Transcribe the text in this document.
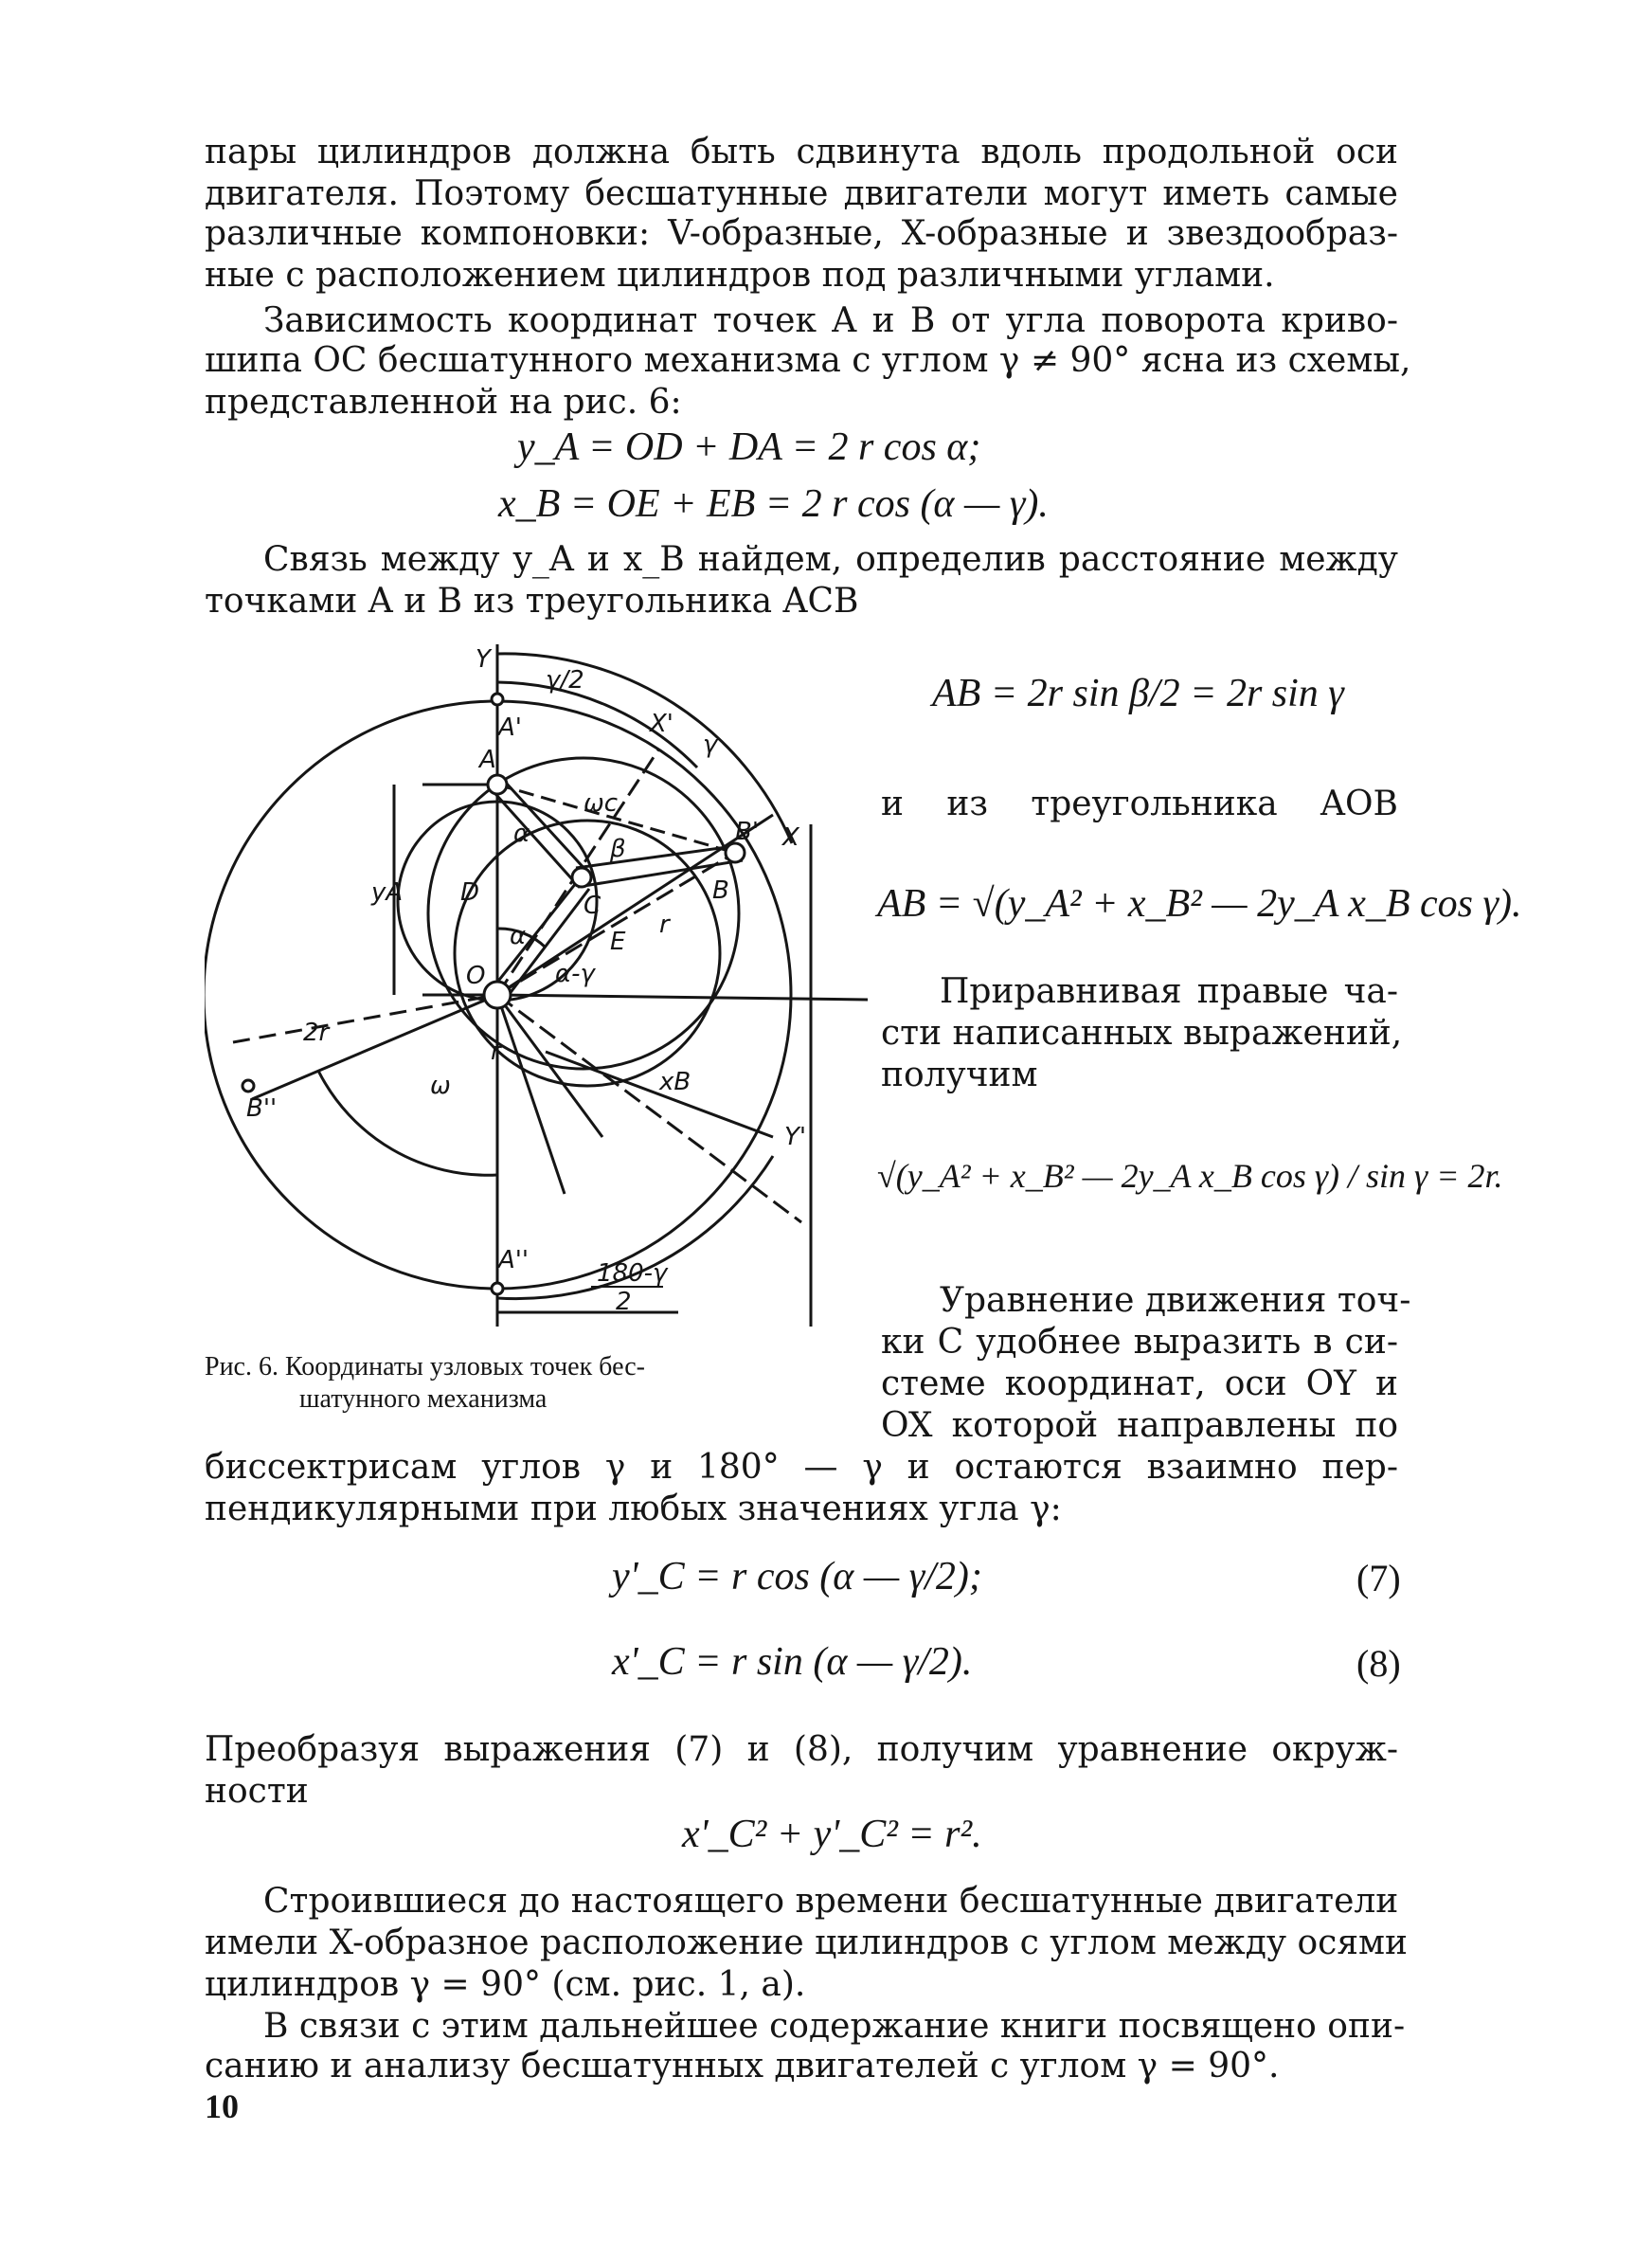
пары цилиндров должна быть сдвинута вдоль продольной оси
двигателя. Поэтому бесшатунные двигатели могут иметь самые
различные компоновки: V-образные, X-образные и звездообраз-
ные с расположением цилиндров под различными углами.
Зависимость координат точек A и B от угла поворота криво-
шипа OC бесшатунного механизма с углом γ ≠ 90° ясна из схемы,
представленной на рис. 6:
y_A = OD + DA = 2 r cos α;
x_B = OE + EB = 2 r cos (α — γ).
Связь между y_A и x_B найдем, определив расстояние между
точками A и B из треугольника ACB
Y
γ/2
A'
A
X'
γ
ωc
α
β
B' X
B
D	C
E
α	r
α-γ
O
yA
2r
ω
r
xB
B''
Y'
A''	180-γ
2
AB = 2r sin β/2 = 2r sin γ
и из треугольника AOB
AB = √(y_A² + x_B² — 2y_A x_B cos γ).
Приравнивая правые ча-
сти написанных выражений,
получим
√(y_A² + x_B² — 2y_A x_B cos γ) / sin γ = 2r.
Уравнение движения точ-
ки C удобнее выразить в си-
стеме координат, оси OY и
OX которой направлены по
Рис. 6. Координаты узловых точек бес-
шатунного механизма
биссектрисам углов γ и 180° — γ и остаются взаимно пер-
пендикулярными при любых значениях угла γ:
y'_C = r cos (α — γ/2);	(7)
x'_C = r sin (α — γ/2).	(8)
Преобразуя выражения (7) и (8), получим уравнение окруж-
ности
x'_C² + y'_C² = r².
Строившиеся до настоящего времени бесшатунные двигатели
имели X-образное расположение цилиндров с углом между осями
цилиндров γ = 90° (см. рис. 1, a).
В связи с этим дальнейшее содержание книги посвящено опи-
санию и анализу бесшатунных двигателей с углом γ = 90°.
10
